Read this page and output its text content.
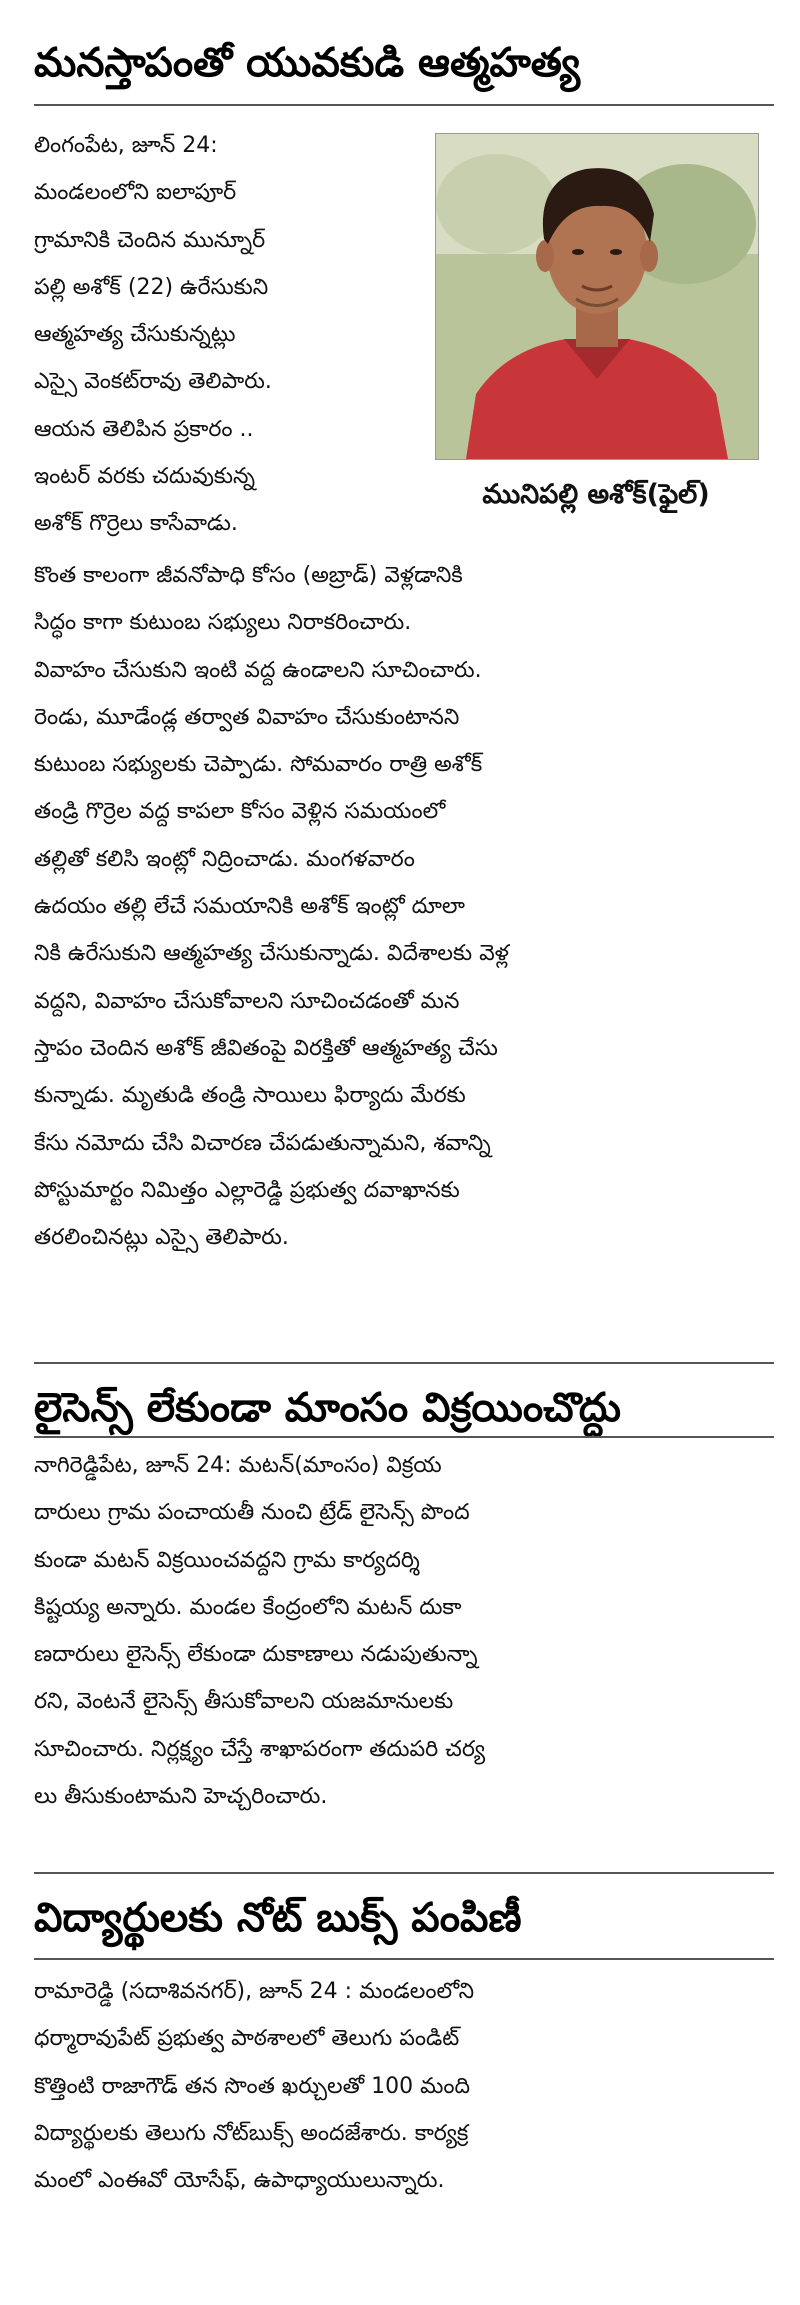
మనస్తాపంతో యువకుడి ఆత్మహత్య

లింగంపేట, జూన్ 24:
మండలంలోని ఐలాపూర్
గ్రామానికి చెందిన మున్నూర్
పల్లి అశోక్ (22) ఉరేసుకుని
ఆత్మహత్య చేసుకున్నట్లు
ఎస్సై వెంకట్‌రావు తెలిపారు.
ఆయన తెలిపిన ప్రకారం ..
ఇంటర్ వరకు చదువుకున్న
అశోక్ గొర్రెలు కాసేవాడు.

మునిపల్లి అశోక్(ఫైల్)

కొంత కాలంగా జీవనోపాధి కోసం (అబ్రాడ్) వెళ్లడానికి
సిద్ధం కాగా కుటుంబ సభ్యులు నిరాకరించారు.
వివాహం చేసుకుని ఇంటి వద్ద ఉండాలని సూచించారు.
రెండు, మూడేండ్ల తర్వాత వివాహం చేసుకుంటానని
కుటుంబ సభ్యులకు చెప్పాడు. సోమవారం రాత్రి అశోక్
తండ్రి గొర్రెల వద్ద కాపలా కోసం వెళ్లిన సమయంలో
తల్లితో కలిసి ఇంట్లో నిద్రించాడు. మంగళవారం
ఉదయం తల్లి లేచే సమయానికి అశోక్ ఇంట్లో దూలా
నికి ఉరేసుకుని ఆత్మహత్య చేసుకున్నాడు. విదేశాలకు వెళ్ల
వద్దని, వివాహం చేసుకోవాలని సూచించడంతో మన
స్తాపం చెందిన అశోక్ జీవితంపై విరక్తితో ఆత్మహత్య చేసు
కున్నాడు. మృతుడి తండ్రి సాయిలు ఫిర్యాదు మేరకు
కేసు నమోదు చేసి విచారణ చేపడుతున్నామని, శవాన్ని
పోస్టుమార్టం నిమిత్తం ఎల్లారెడ్డి ప్రభుత్వ దవాఖానకు
తరలించినట్లు ఎస్సై తెలిపారు.

లైసెన్స్ లేకుండా మాంసం విక్రయించొద్దు

నాగిరెడ్డిపేట, జూన్ 24: మటన్(మాంసం) విక్రయ
దారులు గ్రామ పంచాయతీ నుంచి ట్రేడ్ లైసెన్స్ పొంద
కుండా మటన్ విక్రయించవద్దని గ్రామ కార్యదర్శి
కిష్టయ్య అన్నారు. మండల కేంద్రంలోని మటన్ దుకా
ణదారులు లైసెన్స్ లేకుండా దుకాణాలు నడుపుతున్నా
రని, వెంటనే లైసెన్స్ తీసుకోవాలని యజమానులకు
సూచించారు. నిర్లక్ష్యం చేస్తే శాఖాపరంగా తదుపరి చర్య
లు తీసుకుంటామని హెచ్చరించారు.

విద్యార్థులకు నోట్ బుక్స్ పంపిణీ

రామారెడ్డి (సదాశివనగర్), జూన్ 24 : మండలంలోని
ధర్మారావుపేట్ ప్రభుత్వ పాఠశాలలో తెలుగు పండిట్
కొత్తింటి రాజాగౌడ్ తన సొంత ఖర్చులతో 100 మంది
విద్యార్థులకు తెలుగు నోట్‌బుక్స్ అందజేశారు. కార్యక్ర
మంలో ఎంఈవో యోసేఫ్, ఉపాధ్యాయులున్నారు.
